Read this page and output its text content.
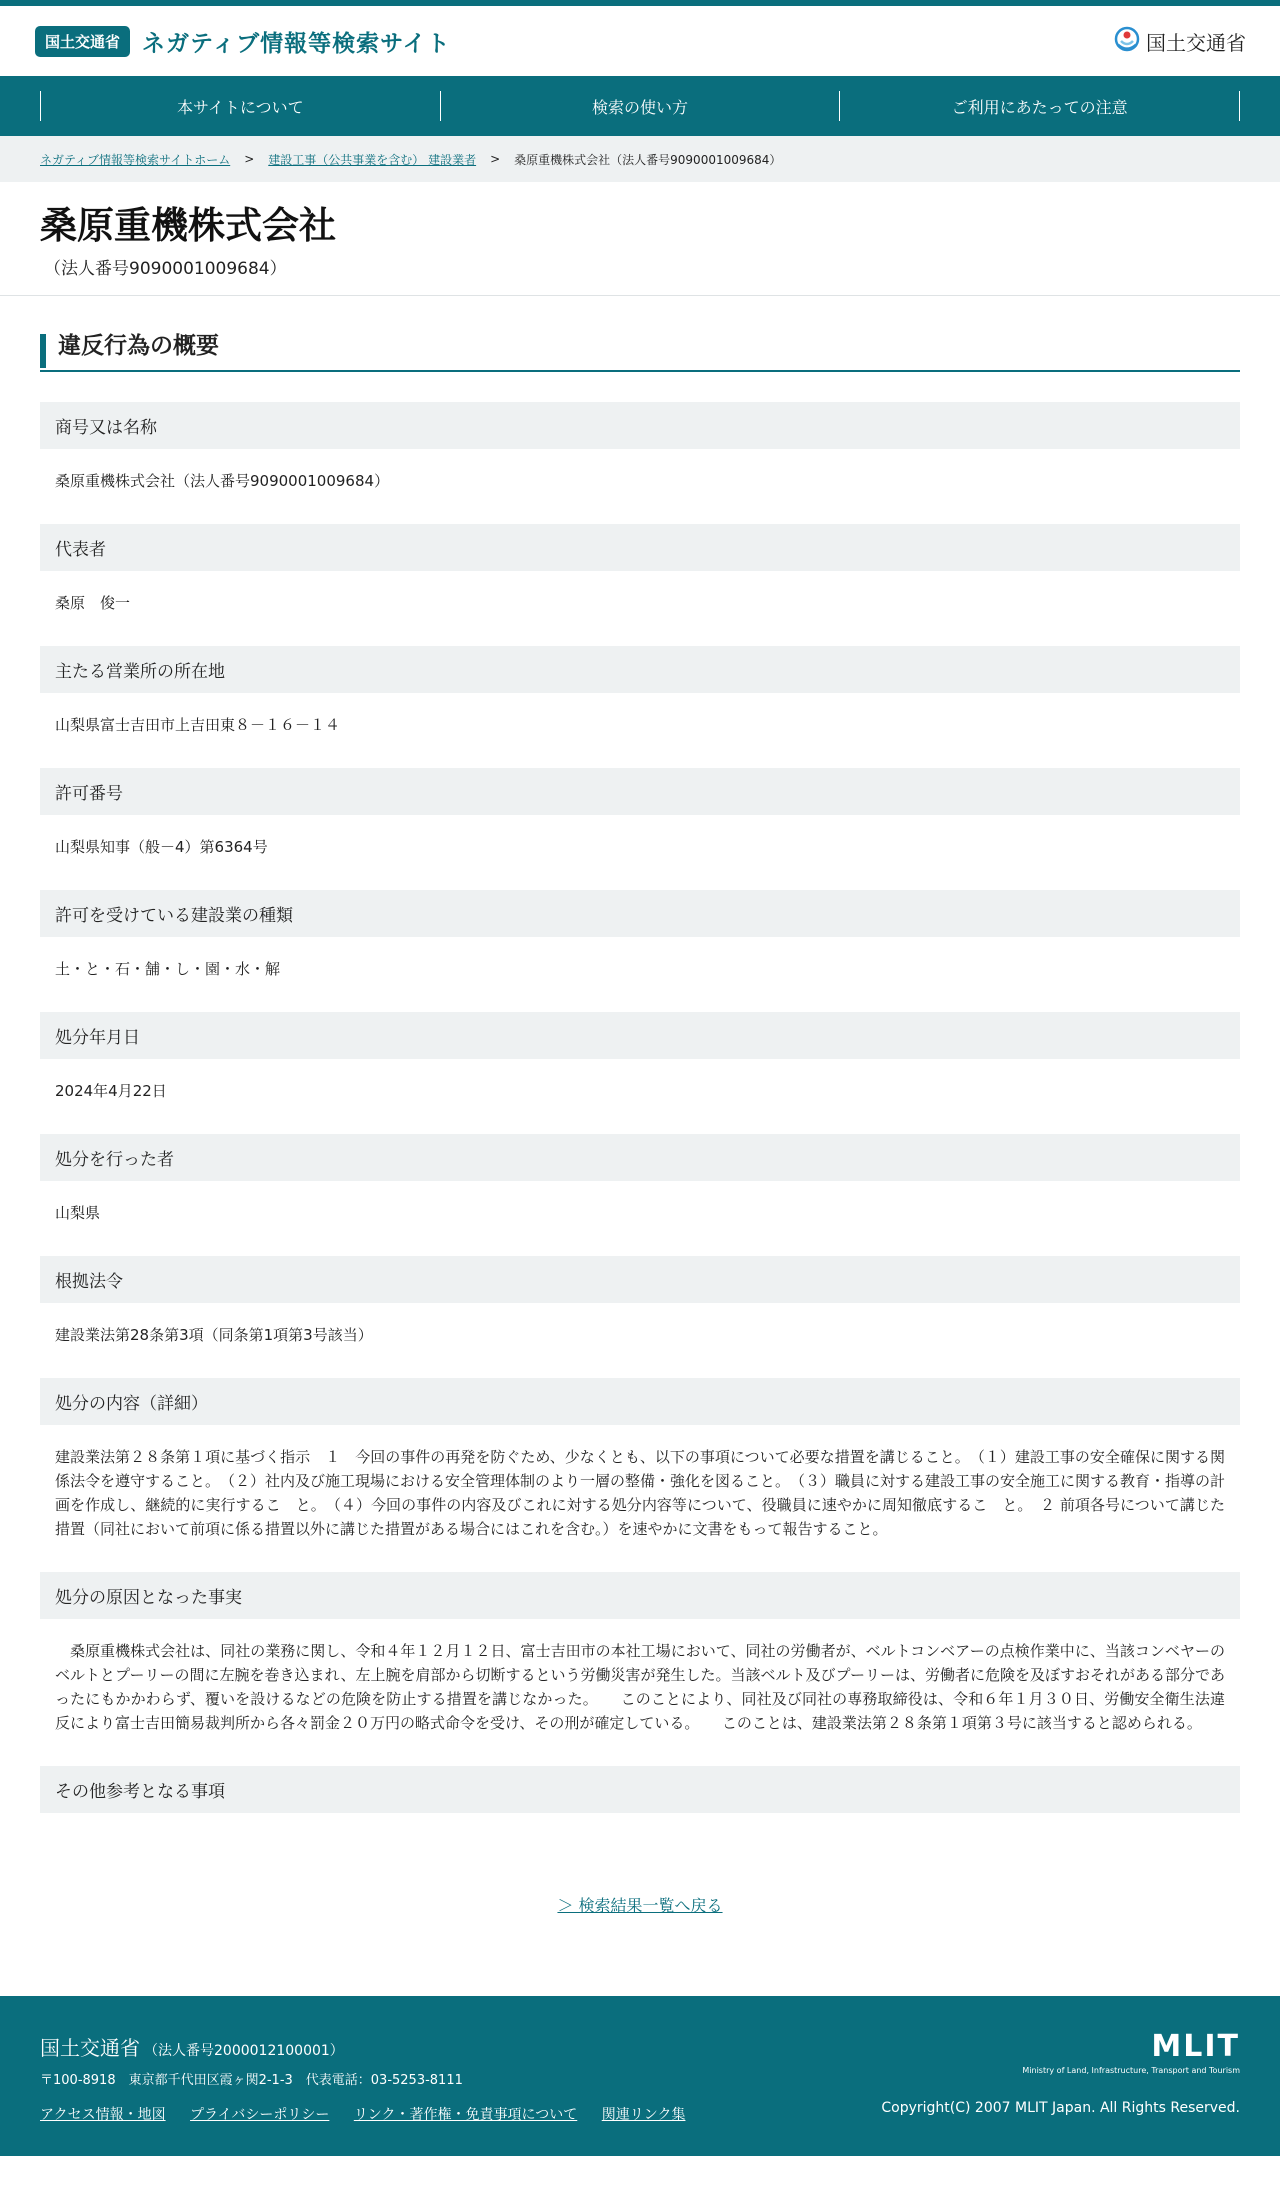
国土交通省 ネガティブ情報等検索サイト	国土交通省
本サイトについて	検索の使い方	ご利用にあたっての注意
ネガティブ情報等検索サイトホーム > 建設工事（公共事業を含む） 建設業者 > 桑原重機株式会社（法人番号9090001009684）
桑原重機株式会社
（法人番号9090001009684）
違反行為の概要
商号又は名称
桑原重機株式会社（法人番号9090001009684）
代表者
桑原　俊一
主たる営業所の所在地
山梨県富士吉田市上吉田東８－１６－１４
許可番号
山梨県知事（般－4）第6364号
許可を受けている建設業の種類
土・と・石・舗・し・園・水・解
処分年月日
2024年4月22日
処分を行った者
山梨県
根拠法令
建設業法第28条第3項（同条第1項第3号該当）
処分の内容（詳細）
建設業法第２８条第１項に基づく指示　１　今回の事件の再発を防ぐため、少なくとも、以下の事項について必要な措置を講じること。　（１）建設工事の安全確保に関する関係法令を遵守すること。　（２）社内及び施工現場における安全管理体制のより一層の整備・強化を図ること。　（３）職員に対する建設工事の安全施工に関する教育・指導の計画を作成し、継続的に実行するこ　と。　（４）今回の事件の内容及びこれに対する処分内容等について、役職員に速やかに周知徹底するこ　と。　２ 前項各号について講じた措置（同社において前項に係る措置以外に講じた措置がある場合にはこれを含む。）を速やかに文書をもって報告すること。
処分の原因となった事実
　桑原重機株式会社は、同社の業務に関し、令和４年１２月１２日、富士吉田市の本社工場において、同社の労働者が、ベルトコンベアーの点検作業中に、当該コンベヤーのベルトとプーリーの間に左腕を巻き込まれ、左上腕を肩部から切断するという労働災害が発生した。当該ベルト及びプーリーは、労働者に危険を及ぼすおそれがある部分であったにもかかわらず、覆いを設けるなどの危険を防止する措置を講じなかった。　　このことにより、同社及び同社の専務取締役は、令和６年１月３０日、労働安全衛生法違反により富士吉田簡易裁判所から各々罰金２０万円の略式命令を受け、その刑が確定している。　　このことは、建設業法第２８条第１項第３号に該当すると認められる。
その他参考となる事項
＞ 検索結果一覧へ戻る
国土交通省 （法人番号2000012100001）
〒100-8918　東京都千代田区霞ヶ関2-1-3　代表電話：03-5253-8111
アクセス情報・地図 プライバシーポリシー リンク・著作権・免責事項について 関連リンク集
MLIT
Ministry of Land, Infrastructure, Transport and Tourism
Copyright(C) 2007 MLIT Japan. All Rights Reserved.
